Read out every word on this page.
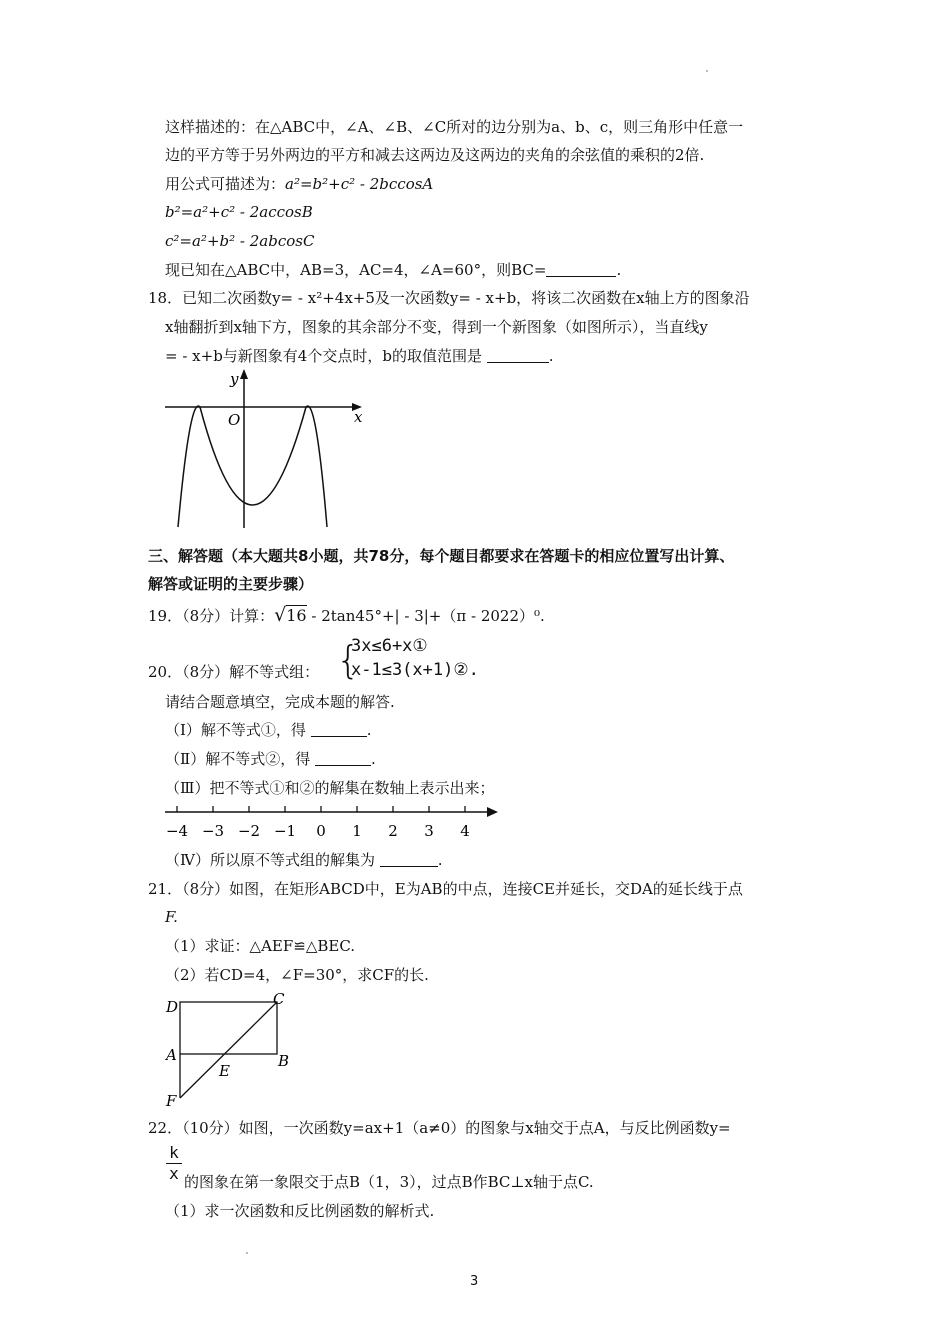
这样描述的：在△ABC中，∠A、∠B、∠C所对的边分别为a、b、c，则三角形中任意一
边的平方等于另外两边的平方和减去这两边及这两边的夹角的余弦值的乘积的2倍.
用公式可描述为：a²=b²+c² - 2bccosA
b²=a²+c² - 2accosB
c²=a²+b² - 2abcosC
现已知在△ABC中，AB=3，AC=4，∠A=60°，则BC=	.
18．已知二次函数y= - x²+4x+5及一次函数y= - x+b，将该二次函数在x轴上方的图象沿
x轴翻折到x轴下方，图象的其余部分不变，得到一个新图象（如图所示），当直线y
= - x+b与新图象有4个交点时，b的取值范围是	.
y
x
O
三、解答题（本大题共8小题，共78分，每个题目都要求在答题卡的相应位置写出计算、
解答或证明的主要步骤）
19．（8分）计算：√16 - 2tan45°+| - 3|+（π - 2022）⁰.
20．（8分）解不等式组： {
3x≤6+x①
x-1≤3(x+1)②.
请结合题意填空，完成本题的解答.
（Ⅰ）解不等式①，得	.
（Ⅱ）解不等式②，得	.
（Ⅲ）把不等式①和②的解集在数轴上表示出来；
−4 −3 −2 −1 0 1 2 3 4
（Ⅳ）所以原不等式组的解集为	.
21．（8分）如图，在矩形ABCD中，E为AB的中点，连接CE并延长，交DA的延长线于点
F.
（1）求证：△AEF≌△BEC.
（2）若CD=4，∠F=30°，求CF的长.
D	C
A	B
E
F
22．（10分）如图，一次函数y=ax+1（a≠0）的图象与x轴交于点A，与反比例函数y=
$\frac{k}{x}$ 的图象在第一象限交于点B（1，3），过点B作BC⊥x轴于点C.
（1）求一次函数和反比例函数的解析式.
3
